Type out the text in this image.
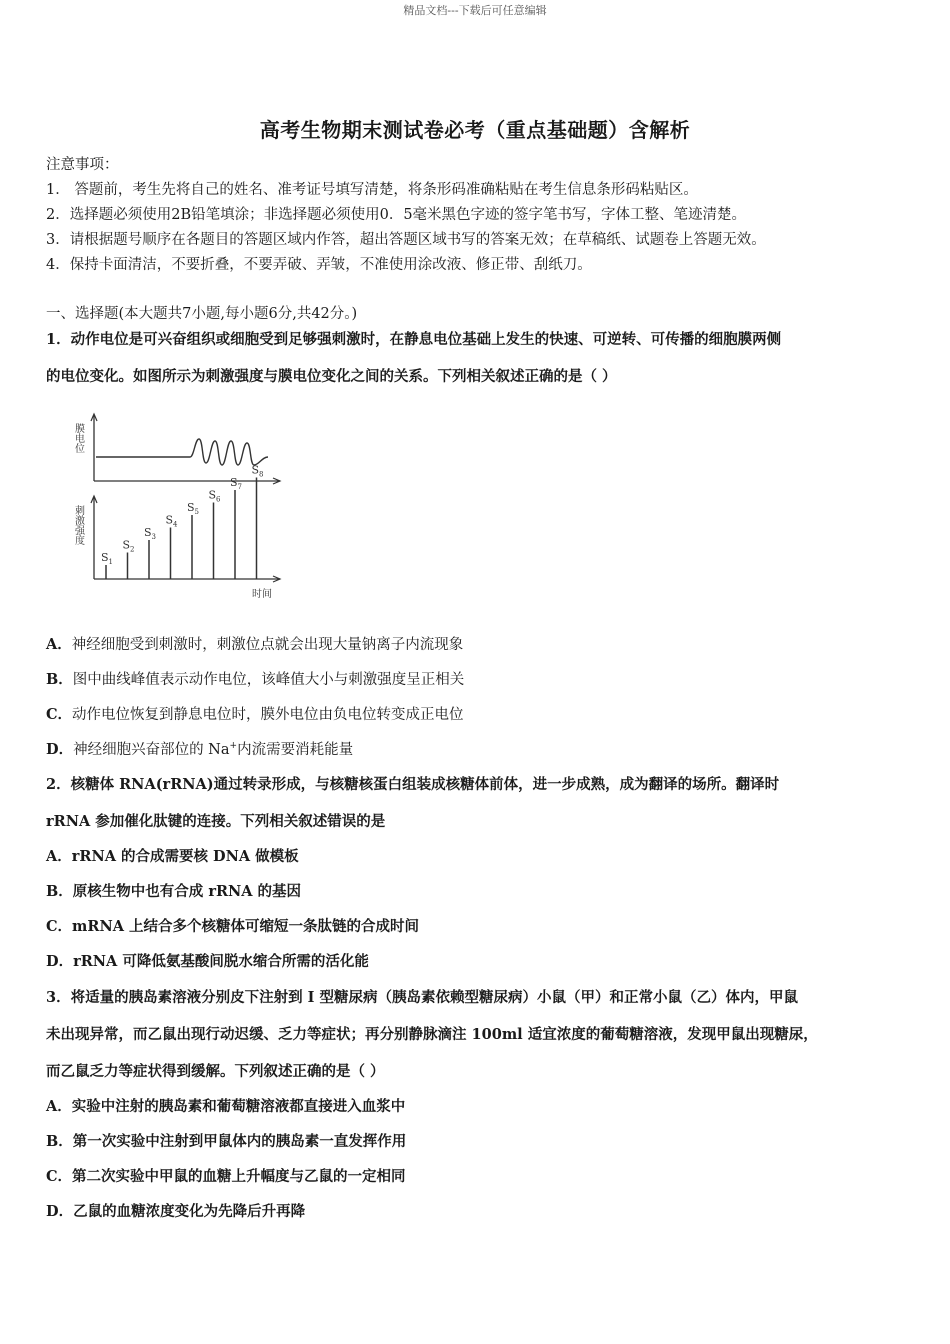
精品文档---下载后可任意编辑
高考生物期末测试卷必考（重点基础题）含解析
注意事项：
1． 答题前，考生先将自己的姓名、准考证号填写清楚，将条形码准确粘贴在考生信息条形码粘贴区。
2．选择题必须使用2B铅笔填涂；非选择题必须使用0．5毫米黑色字迹的签字笔书写，字体工整、笔迹清楚。
3．请根据题号顺序在各题目的答题区域内作答，超出答题区域书写的答案无效；在草稿纸、试题卷上答题无效。
4．保持卡面清洁，不要折叠，不要弄破、弄皱，不准使用涂改液、修正带、刮纸刀。
一、选择题(本大题共7小题,每小题6分,共42分。)
1．动作电位是可兴奋组织或细胞受到足够强刺激时，在静息电位基础上发生的快速、可逆转、可传播的细胞膜两侧
的电位变化。如图所示为刺激强度与膜电位变化之间的关系。下列相关叙述正确的是（ ）
膜电位
刺激强度
时间
$S_1$
$S_2$
$S_3$
$S_4$
$S_5$
$S_6$
$S_7$
$S_8$
A．神经细胞受到刺激时，刺激位点就会出现大量钠离子内流现象
B．图中曲线峰值表示动作电位，该峰值大小与刺激强度呈正相关
C．动作电位恢复到静息电位时，膜外电位由负电位转变成正电位
D．神经细胞兴奋部位的 Na+内流需要消耗能量
2．核糖体 RNA(rRNA)通过转录形成，与核糖核蛋白组装成核糖体前体，进一步成熟，成为翻译的场所。翻译时
rRNA 参加催化肽键的连接。下列相关叙述错误的是
A．rRNA 的合成需要核 DNA 做模板
B．原核生物中也有合成 rRNA 的基因
C．mRNA 上结合多个核糖体可缩短一条肽链的合成时间
D．rRNA 可降低氨基酸间脱水缩合所需的活化能
3．将适量的胰岛素溶液分别皮下注射到 I 型糖尿病（胰岛素依赖型糖尿病）小鼠（甲）和正常小鼠（乙）体内，甲鼠
未出现异常，而乙鼠出现行动迟缓、乏力等症状；再分别静脉滴注 100ml 适宜浓度的葡萄糖溶液，发现甲鼠出现糖尿，
而乙鼠乏力等症状得到缓解。下列叙述正确的是（ ）
A．实验中注射的胰岛素和葡萄糖溶液都直接进入血浆中
B．第一次实验中注射到甲鼠体内的胰岛素一直发挥作用
C．第二次实验中甲鼠的血糖上升幅度与乙鼠的一定相同
D．乙鼠的血糖浓度变化为先降后升再降
